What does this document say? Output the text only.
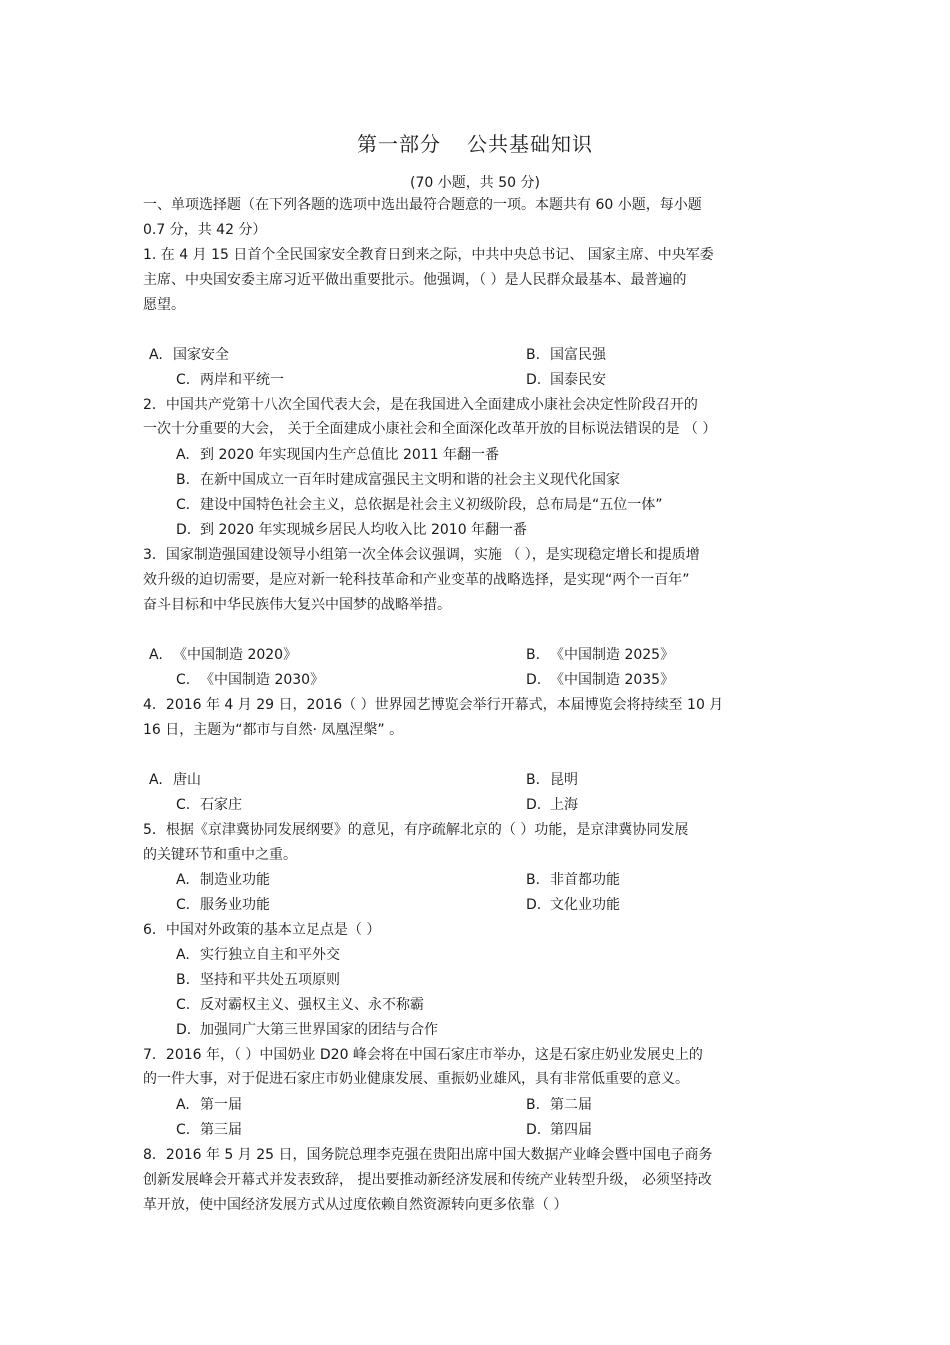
第一部分 公共基础知识
(70 小题，共 50 分)
一、单项选择题（在下列各题的选项中选出最符合题意的一项。本题共有 60 小题，每小题
0.7 分，共 42 分）
1. 在 4 月 15 日首个全民国家安全教育日到来之际，中共中央总书记、 国家主席、中央军委
主席、中央国安委主席习近平做出重要批示。他强调，（ ）是人民群众最基本、最普遍的
愿望。
A. 国家安全	B. 国富民强
C. 两岸和平统一	D. 国泰民安
2．中国共产党第十八次全国代表大会，是在我国进入全面建成小康社会决定性阶段召开的
一次十分重要的大会， 关于全面建成小康社会和全面深化改革开放的目标说法错误的是 （ ）
A. 到 2020 年实现国内生产总值比 2011 年翻一番
B. 在新中国成立一百年时建成富强民主文明和谐的社会主义现代化国家
C. 建设中国特色社会主义，总依据是社会主义初级阶段，总布局是“五位一体”
D. 到 2020 年实现城乡居民人均收入比 2010 年翻一番
3．国家制造强国建设领导小组第一次全体会议强调，实施 （ ），是实现稳定增长和提质增
效升级的迫切需要，是应对新一轮科技革命和产业变革的战略选择，是实现“两个一百年”
奋斗目标和中华民族伟大复兴中国梦的战略举措。
A. 《中国制造 2020》	B. 《中国制造 2025》
C. 《中国制造 2030》	D. 《中国制造 2035》
4．2016 年 4 月 29 日，2016（ ）世界园艺博览会举行开幕式，本届博览会将持续至 10 月
16 日，主题为“都市与自然· 凤凰涅槃” 。
A. 唐山	B. 昆明
C. 石家庄	D. 上海
5．根据《京津冀协同发展纲要》的意见，有序疏解北京的（ ）功能，是京津冀协同发展
的关键环节和重中之重。
A. 制造业功能	B. 非首都功能
C. 服务业功能	D. 文化业功能
6．中国对外政策的基本立足点是（ ）
A. 实行独立自主和平外交
B. 坚持和平共处五项原则
C. 反对霸权主义、强权主义、永不称霸
D. 加强同广大第三世界国家的团结与合作
7．2016 年，（ ）中国奶业 D20 峰会将在中国石家庄市举办，这是石家庄奶业发展史上的
的一件大事，对于促进石家庄市奶业健康发展、重振奶业雄风，具有非常低重要的意义。
A. 第一届	B. 第二届
C. 第三届	D. 第四届
8．2016 年 5 月 25 日，国务院总理李克强在贵阳出席中国大数据产业峰会暨中国电子商务
创新发展峰会开幕式并发表致辞， 提出要推动新经济发展和传统产业转型升级， 必须坚持改
革开放，使中国经济发展方式从过度依赖自然资源转向更多依靠（ ）
